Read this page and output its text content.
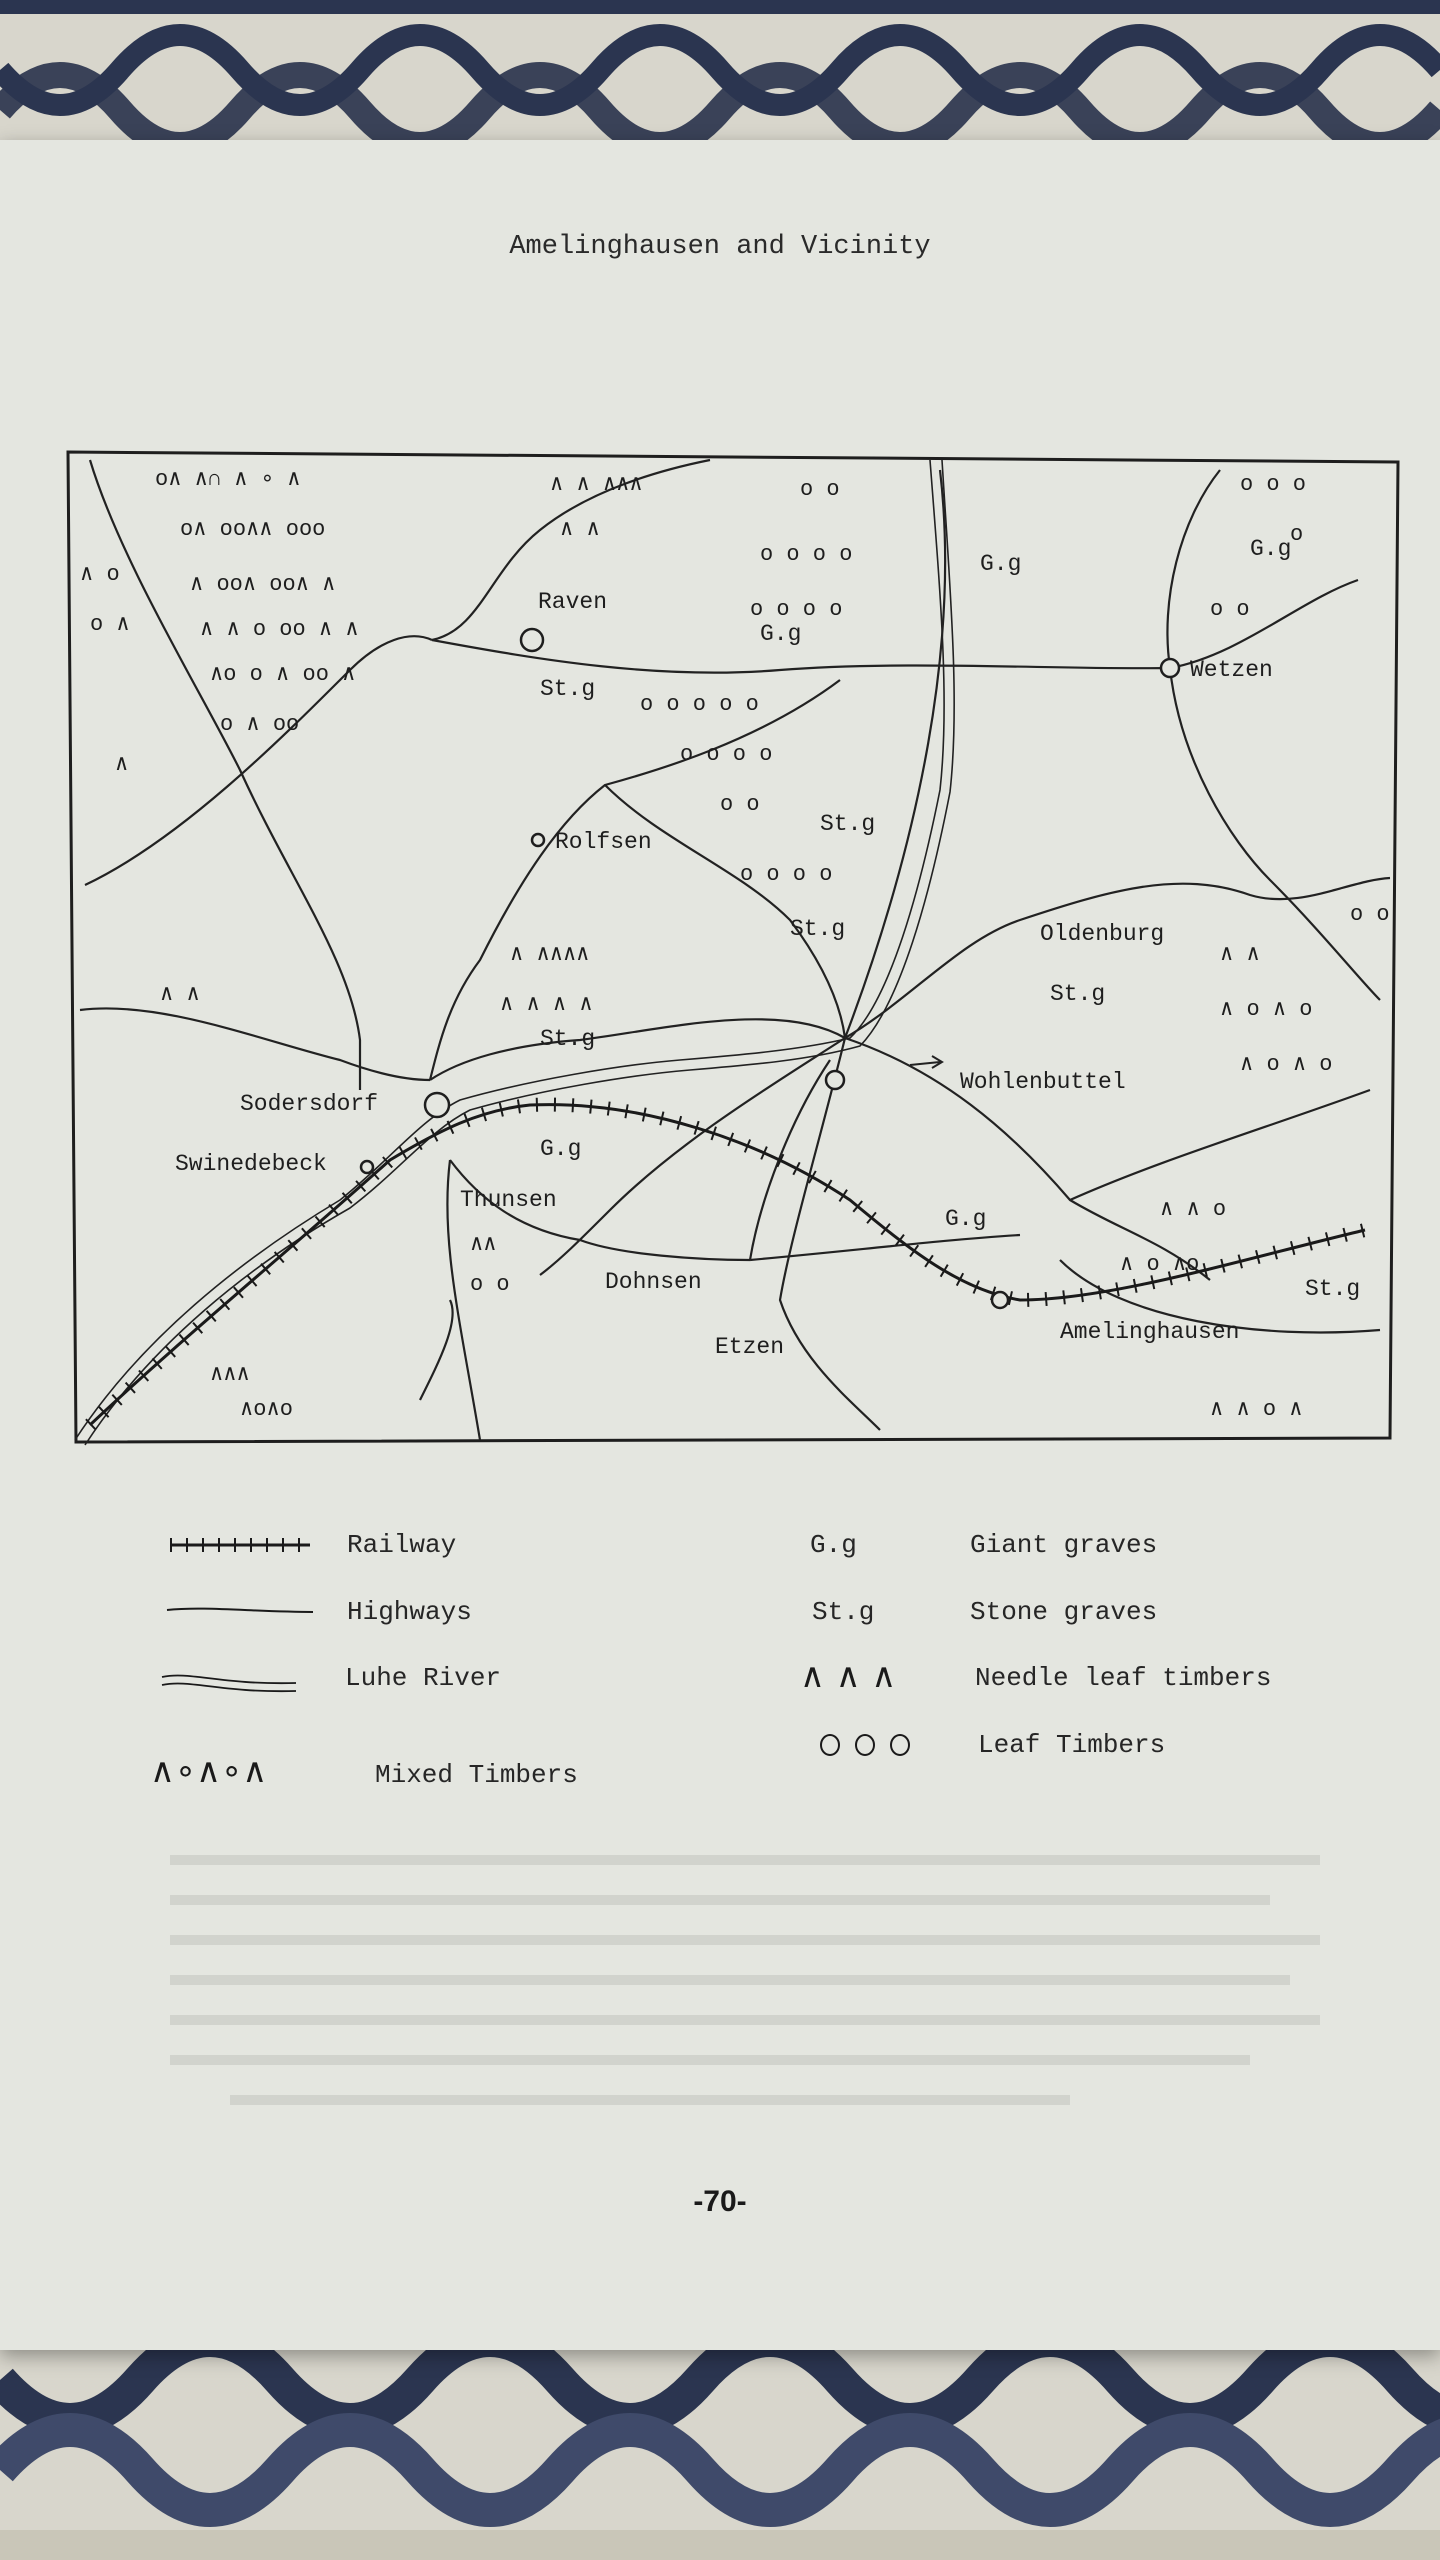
Amelinghausen and Vicinity
o∧ ∧∩ ∧ ∘ ∧
o∧ oo∧∧ ooo
∧ oo∧ oo∧ ∧
∧ ∧ o oo ∧ ∧
∧o o ∧ oo ∧
o ∧ oo
∧ o
o ∧
∧
∧ ∧ ∧∧∧
∧ ∧
o o
o o o o
o o o o
o o o o o
o o o o
o o
o o o o
o o o
o
o o
o o
∧ ∧
∧ o ∧ o
∧ o ∧ o
∧ ∧∧∧∧
∧ ∧ ∧ ∧
∧ ∧
∧ ∧ o
∧ o ∧o
∧ ∧ o ∧
∧∧∧
∧o∧o
∧∧
o o
G.g
G.g
G.g
St.g
St.g
St.g
St.g
St.g
G.g
G.g
St.g
Raven
Wetzen
Rolfsen
Oldenburg
Wohlenbuttel
Sodersdorf
Swinedebeck
Thunsen
Dohnsen
Etzen
Amelinghausen
Railway
Highways
Luhe River
∧∘∧∘∧	Mixed Timbers
G.g	Giant graves
St.g	Stone graves
∧ ∧ ∧	Needle leaf timbers
Leaf Timbers
-70-
